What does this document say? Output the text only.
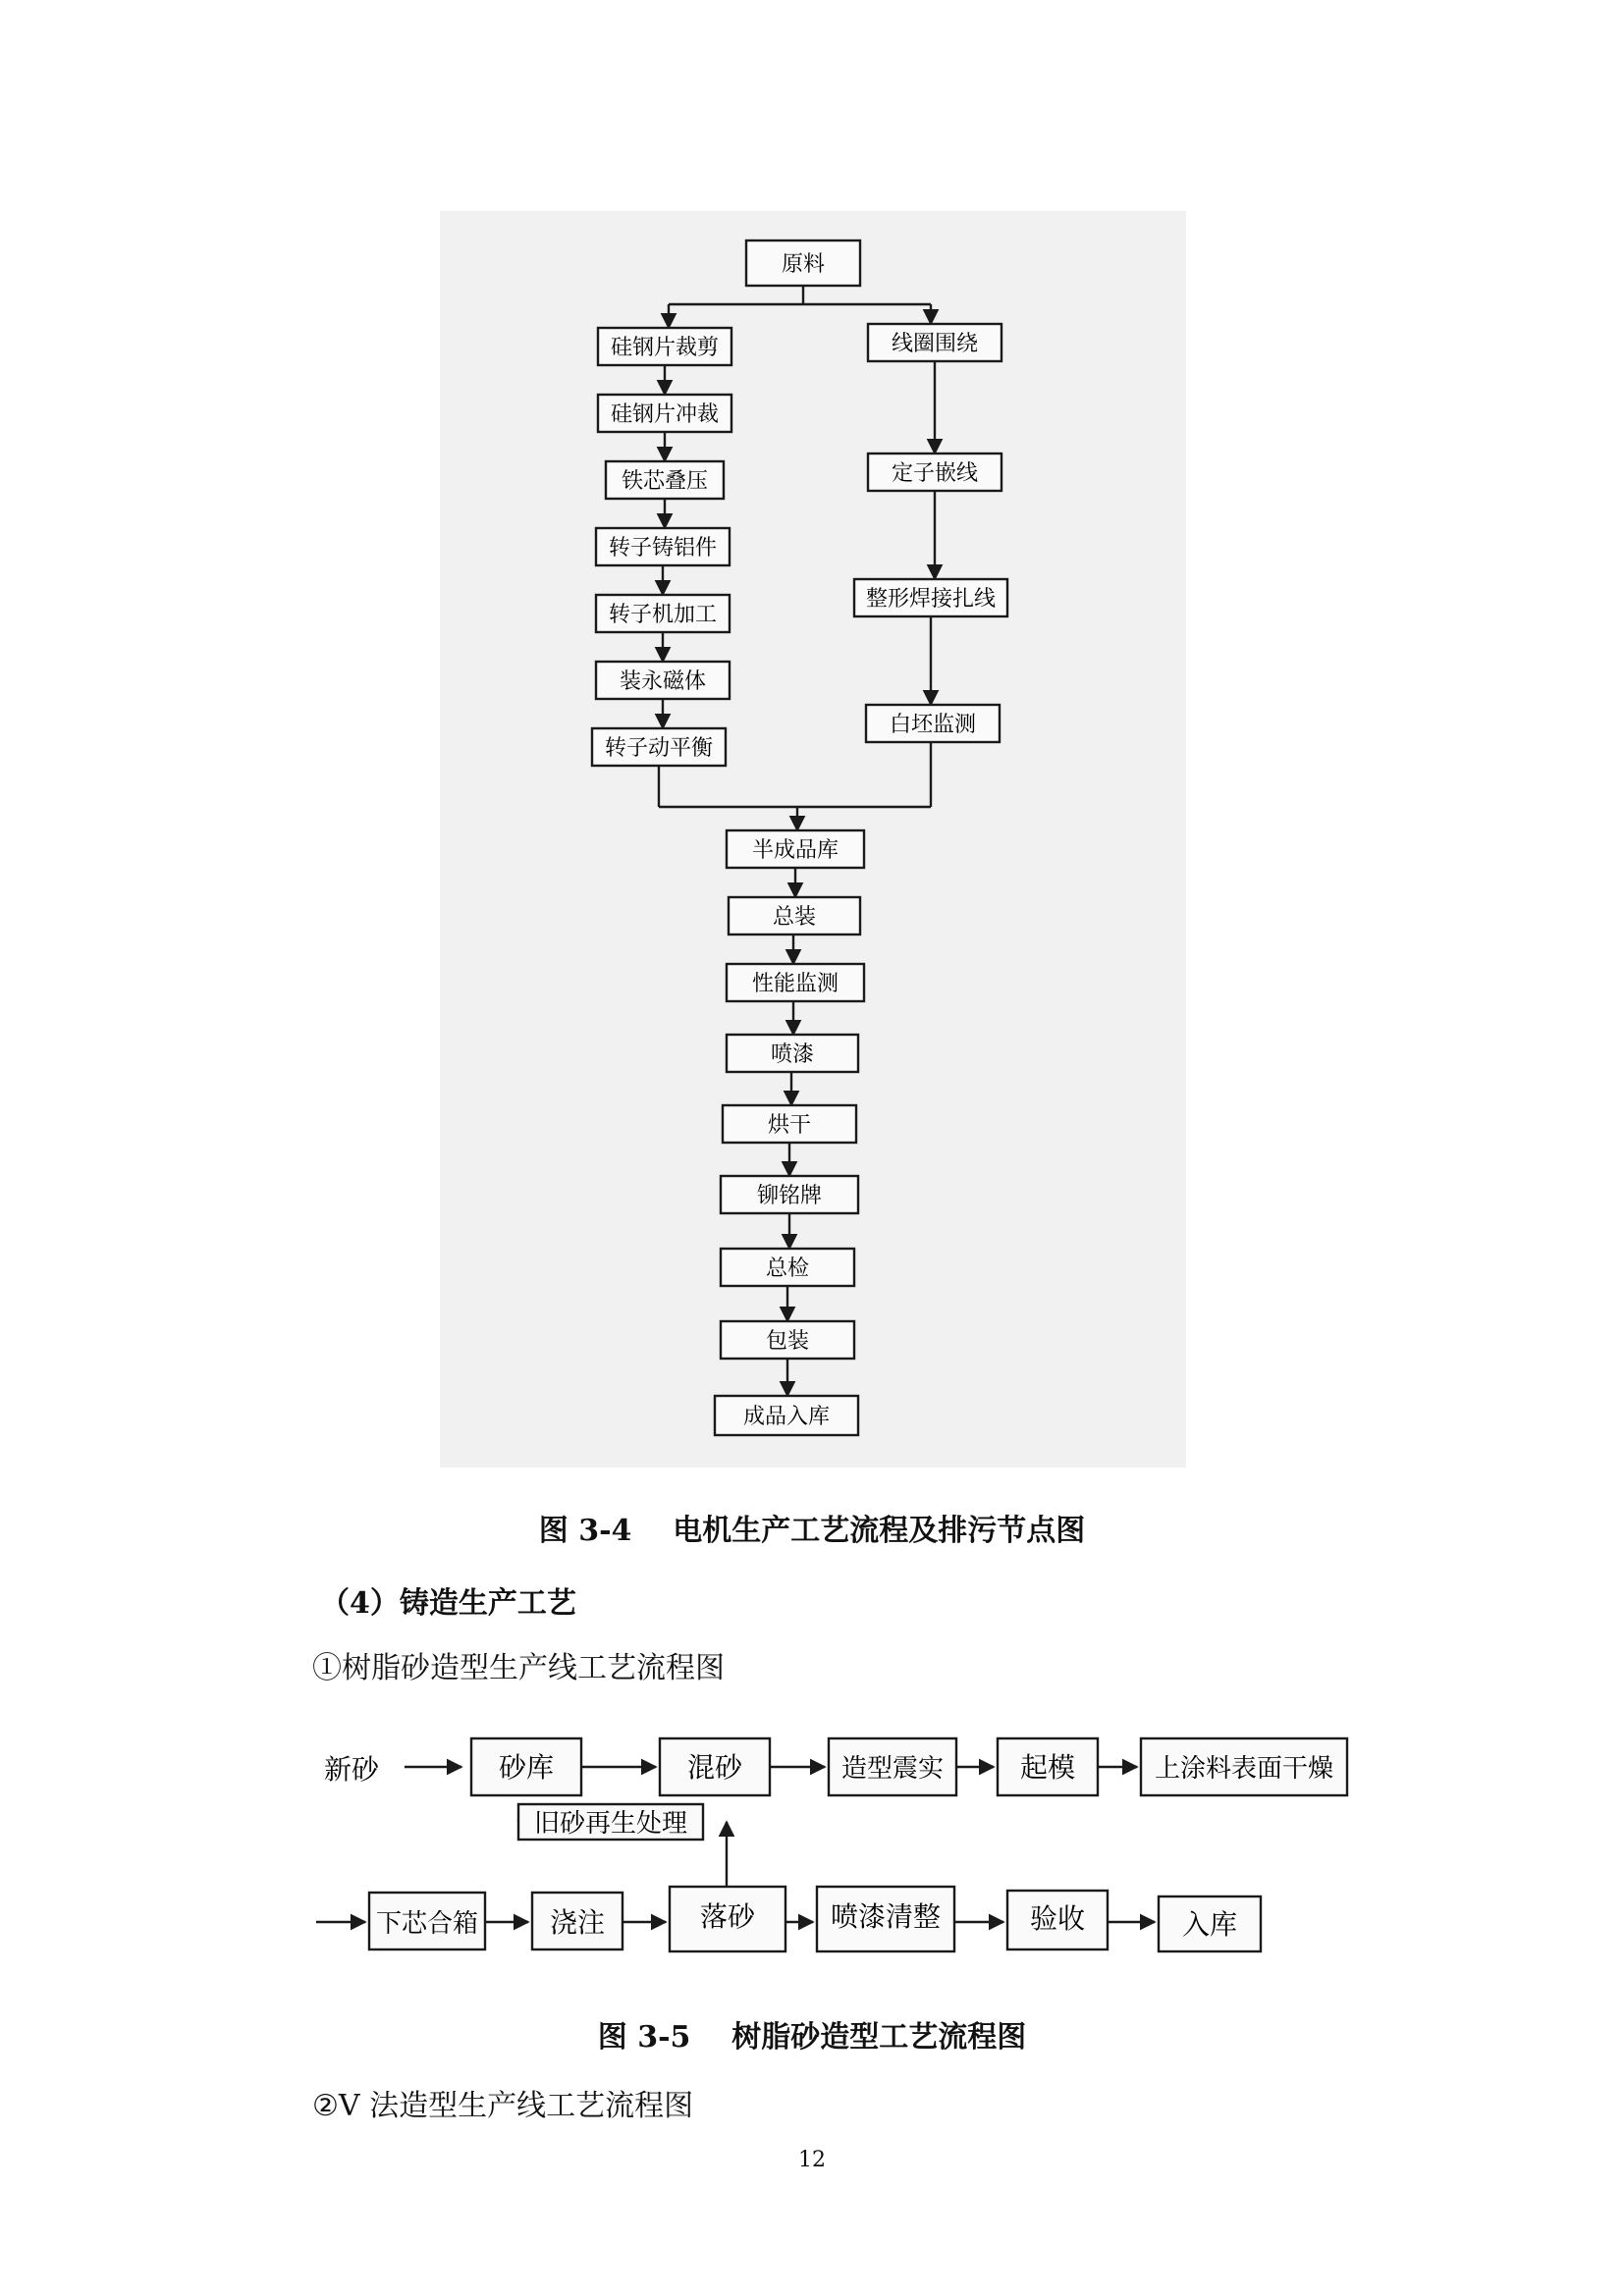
原料
硅钢片裁剪
硅钢片冲裁
铁芯叠压
转子铸铝件
转子机加工
装永磁体
转子动平衡
线圈围绕
定子嵌线
整形焊接扎线
白坯监测
半成品库
总装
性能监测
喷漆
烘干
铆铭牌
总检
包装
成品入库
图 3-4    电机生产工艺流程及排污节点图
（4）铸造生产工艺
①树脂砂造型生产线工艺流程图
新砂	砂库	混砂	造型震实	起模	上涂料表面干燥
旧砂再生处理
下芯合箱	浇注	落砂	喷漆清整	验收	入库
图 3-5    树脂砂造型工艺流程图
②V 法造型生产线工艺流程图
12
